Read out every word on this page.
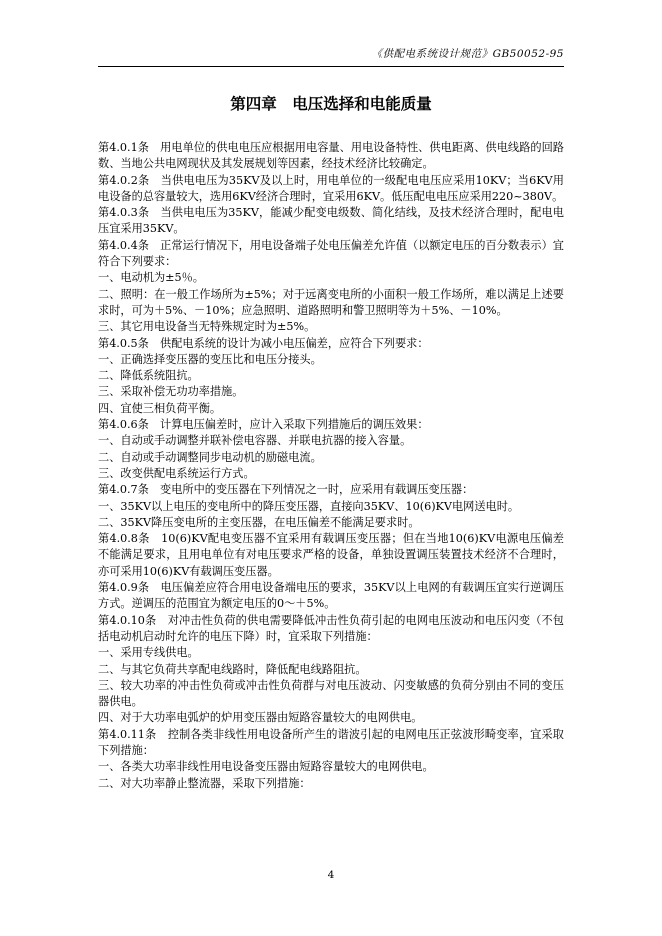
《供配电系统设计规范》GB50052-95
第四章　电压选择和电能质量

第4.0.1条　用电单位的供电电压应根据用电容量、用电设备特性、供电距离、供电线路的回路数、当地公共电网现状及其发展规划等因素，经技术经济比较确定。

第4.0.2条　当供电电压为35KV及以上时，用电单位的一级配电电压应采用10KV；当6KV用电设备的总容量较大，选用6KV经济合理时，宜采用6KV。低压配电电压应采用220~380V。

第4.0.3条　当供电电压为35KV，能减少配变电级数、简化结线，及技术经济合理时，配电电压宜采用35KV。

第4.0.4条　正常运行情况下，用电设备端子处电压偏差允许值（以额定电压的百分数表示）宜符合下列要求：

一、电动机为±5％。

二、照明：在一般工作场所为±5%；对于远离变电所的小面积一般工作场所，难以满足上述要求时，可为＋5%、－10%；应急照明、道路照明和警卫照明等为＋5%、－10%。

三、其它用电设备当无特殊规定时为±5%。

第4.0.5条　供配电系统的设计为减小电压偏差，应符合下列要求：

一、正确选择变压器的变压比和电压分接头。

二、降低系统阻抗。

三、采取补偿无功功率措施。

四、宜使三相负荷平衡。

第4.0.6条　计算电压偏差时，应计入采取下列措施后的调压效果：

一、自动或手动调整并联补偿电容器、并联电抗器的接入容量。

二、自动或手动调整同步电动机的励磁电流。

三、改变供配电系统运行方式。

第4.0.7条　变电所中的变压器在下列情况之一时，应采用有载调压变压器：

一、35KV以上电压的变电所中的降压变压器，直接向35KV、10(6)KV电网送电时。

二、35KV降压变电所的主变压器，在电压偏差不能满足要求时。

第4.0.8条　10(6)KV配电变压器不宜采用有载调压变压器；但在当地10(6)KV电源电压偏差不能满足要求，且用电单位有对电压要求严格的设备，单独设置调压装置技术经济不合理时，亦可采用10(6)KV有载调压变压器。

第4.0.9条　电压偏差应符合用电设备端电压的要求，35KV以上电网的有载调压宜实行逆调压方式。逆调压的范围宜为额定电压的0～＋5%。

第4.0.10条　对冲击性负荷的供电需要降低冲击性负荷引起的电网电压波动和电压闪变（不包括电动机启动时允许的电压下降）时，宜采取下列措施：

一、采用专线供电。

二、与其它负荷共享配电线路时，降低配电线路阻抗。

三、较大功率的冲击性负荷或冲击性负荷群与对电压波动、闪变敏感的负荷分别由不同的变压器供电。

四、对于大功率电弧炉的炉用变压器由短路容量较大的电网供电。

第4.0.11条　控制各类非线性用电设备所产生的谐波引起的电网电压正弦波形畸变率，宜采取下列措施：

一、各类大功率非线性用电设备变压器由短路容量较大的电网供电。

二、对大功率静止整流器，采取下列措施：

4
